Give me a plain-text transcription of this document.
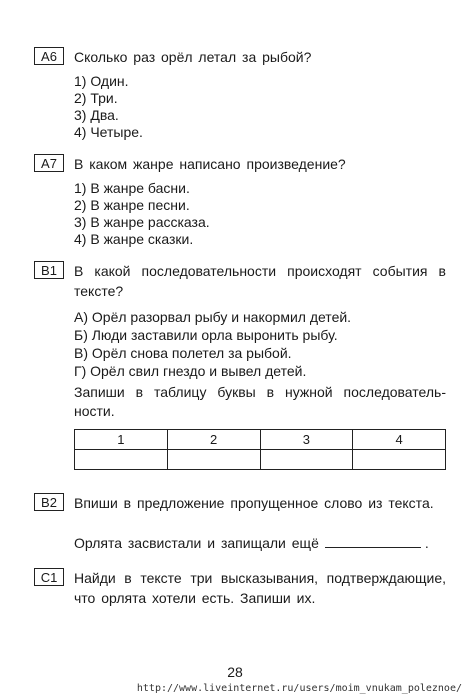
А6	Сколько раз орёл летал за рыбой?
1) Один.
2) Три.
3) Два.
4) Четыре.
А7	В каком жанре написано произведение?
1) В жанре басни.
2) В жанре песни.
3) В жанре рассказа.
4) В жанре сказки.
В1	В какой последовательности происходят события в тексте?
А) Орёл разорвал рыбу и накормил детей.
Б) Люди заставили орла выронить рыбу.
В) Орёл снова полетел за рыбой.
Г) Орёл свил гнездо и вывел детей.

Запиши в таблицу буквы в нужной последовательности.

1	2	3	4

В2	Впиши в предложение пропущенное слово из текста.
Орлята засвистали и запищали ещё	.
С1	Найди в тексте три высказывания, подтверждающие, что орлята хотели есть. Запиши их.
28
http://www.liveinternet.ru/users/moim_vnukam_poleznoe/
